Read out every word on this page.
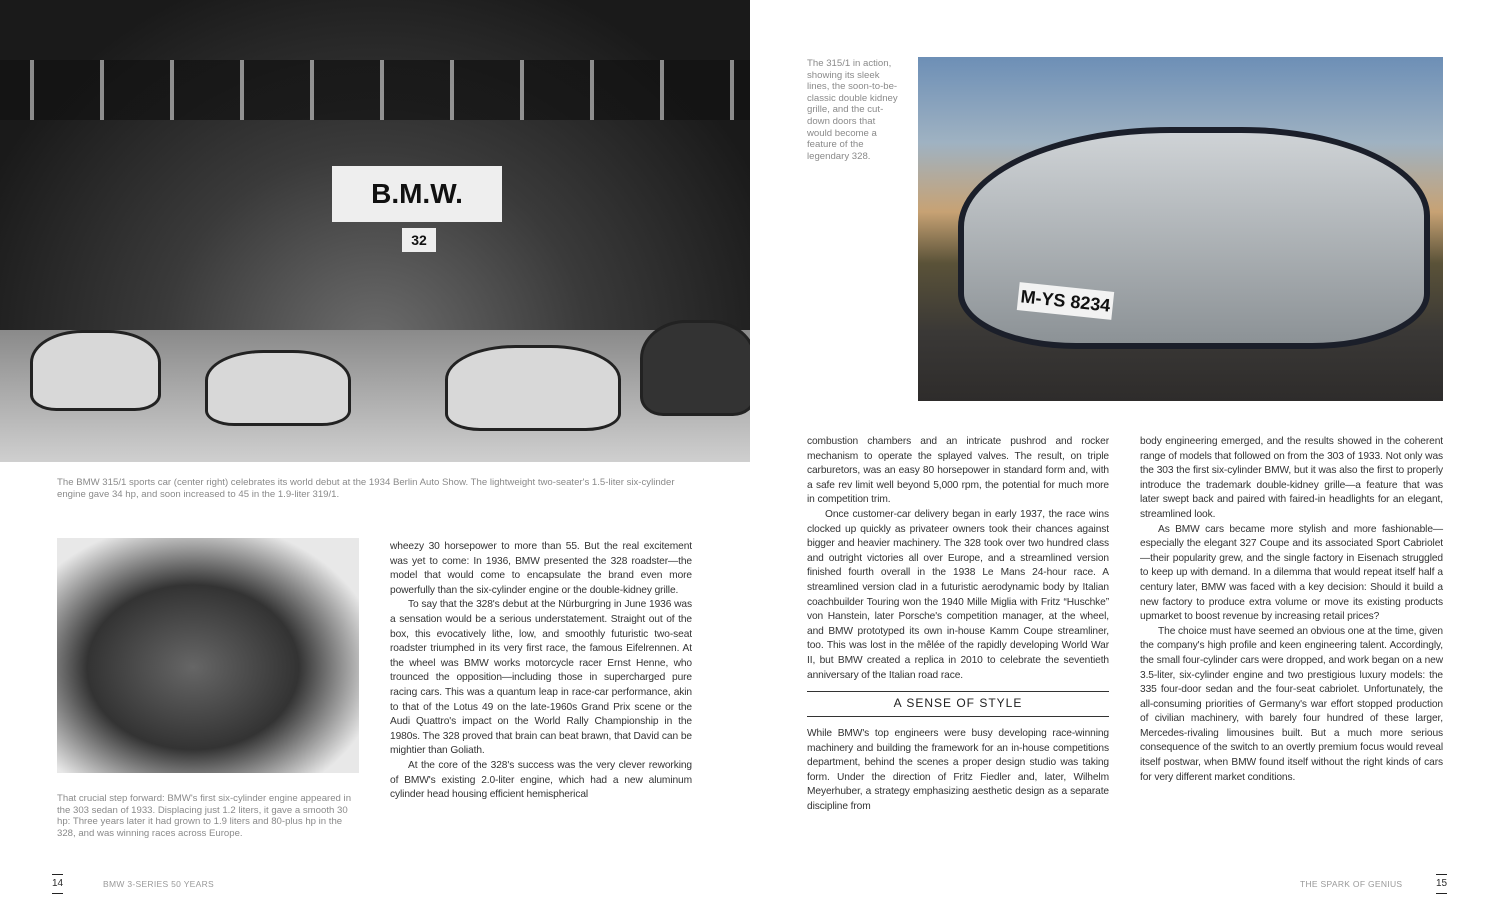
B.M.W.
32
The BMW 315/1 sports car (center right) celebrates its world debut at the 1934 Berlin Auto Show. The lightweight two-seater's 1.5-liter six-cylinder engine gave 34 hp, and soon increased to 45 in the 1.9-liter 319/1.
The 315/1 in action, showing its sleek lines, the soon-to-be-classic double kidney grille, and the cut-down doors that would become a feature of the legendary 328.
M-YS 8234
That crucial step forward: BMW's first six-cylinder engine appeared in the 303 sedan of 1933. Displacing just 1.2 liters, it gave a smooth 30 hp: Three years later it had grown to 1.9 liters and 80-plus hp in the 328, and was winning races across Europe.

wheezy 30 horsepower to more than 55. But the real excitement was yet to come: In 1936, BMW presented the 328 roadster—the model that would come to encapsulate the brand even more powerfully than the six-cylinder engine or the double-kidney grille.

To say that the 328's debut at the Nürburgring in June 1936 was a sensation would be a serious understatement. Straight out of the box, this evocatively lithe, low, and smoothly futuristic two-seat roadster triumphed in its very first race, the famous Eifelrennen. At the wheel was BMW works motorcycle racer Ernst Henne, who trounced the opposition—including those in supercharged pure racing cars. This was a quantum leap in race-car performance, akin to that of the Lotus 49 on the late-1960s Grand Prix scene or the Audi Quattro's impact on the World Rally Championship in the 1980s. The 328 proved that brain can beat brawn, that David can be mightier than Goliath.

At the core of the 328's success was the very clever reworking of BMW's existing 2.0-liter engine, which had a new aluminum cylinder head housing efficient hemispherical

combustion chambers and an intricate pushrod and rocker mechanism to operate the splayed valves. The result, on triple carburetors, was an easy 80 horsepower in standard form and, with a safe rev limit well beyond 5,000 rpm, the potential for much more in competition trim.

Once customer-car delivery began in early 1937, the race wins clocked up quickly as privateer owners took their chances against bigger and heavier machinery. The 328 took over two hundred class and outright victories all over Europe, and a streamlined version finished fourth overall in the 1938 Le Mans 24-hour race. A streamlined version clad in a futuristic aerodynamic body by Italian coachbuilder Touring won the 1940 Mille Miglia with Fritz “Huschke” von Hanstein, later Porsche's competition manager, at the wheel, and BMW prototyped its own in-house Kamm Coupe streamliner, too. This was lost in the mêlée of the rapidly developing World War II, but BMW created a replica in 2010 to celebrate the seventieth anniversary of the Italian road race.

A SENSE OF STYLE

While BMW's top engineers were busy developing race-winning machinery and building the framework for an in-house competitions department, behind the scenes a proper design studio was taking form. Under the direction of Fritz Fiedler and, later, Wilhelm Meyerhuber, a strategy emphasizing aesthetic design as a separate discipline from

body engineering emerged, and the results showed in the coherent range of models that followed on from the 303 of 1933. Not only was the 303 the first six-cylinder BMW, but it was also the first to properly introduce the trademark double-kidney grille—a feature that was later swept back and paired with faired-in headlights for an elegant, streamlined look.

As BMW cars became more stylish and more fashionable—especially the elegant 327 Coupe and its associated Sport Cabriolet—their popularity grew, and the single factory in Eisenach struggled to keep up with demand. In a dilemma that would repeat itself half a century later, BMW was faced with a key decision: Should it build a new factory to produce extra volume or move its existing products upmarket to boost revenue by increasing retail prices?

The choice must have seemed an obvious one at the time, given the company's high profile and keen engineering talent. Accordingly, the small four-cylinder cars were dropped, and work began on a new 3.5-liter, six-cylinder engine and two prestigious luxury models: the 335 four-door sedan and the four-seat cabriolet. Unfortunately, the all-consuming priorities of Germany's war effort stopped production of civilian machinery, with barely four hundred of these larger, Mercedes-rivaling limousines built. But a much more serious consequence of the switch to an overtly premium focus would reveal itself postwar, when BMW found itself without the right kinds of cars for very different market conditions.

14	BMW 3-SERIES 50 YEARS	THE SPARK OF GENIUS	15
